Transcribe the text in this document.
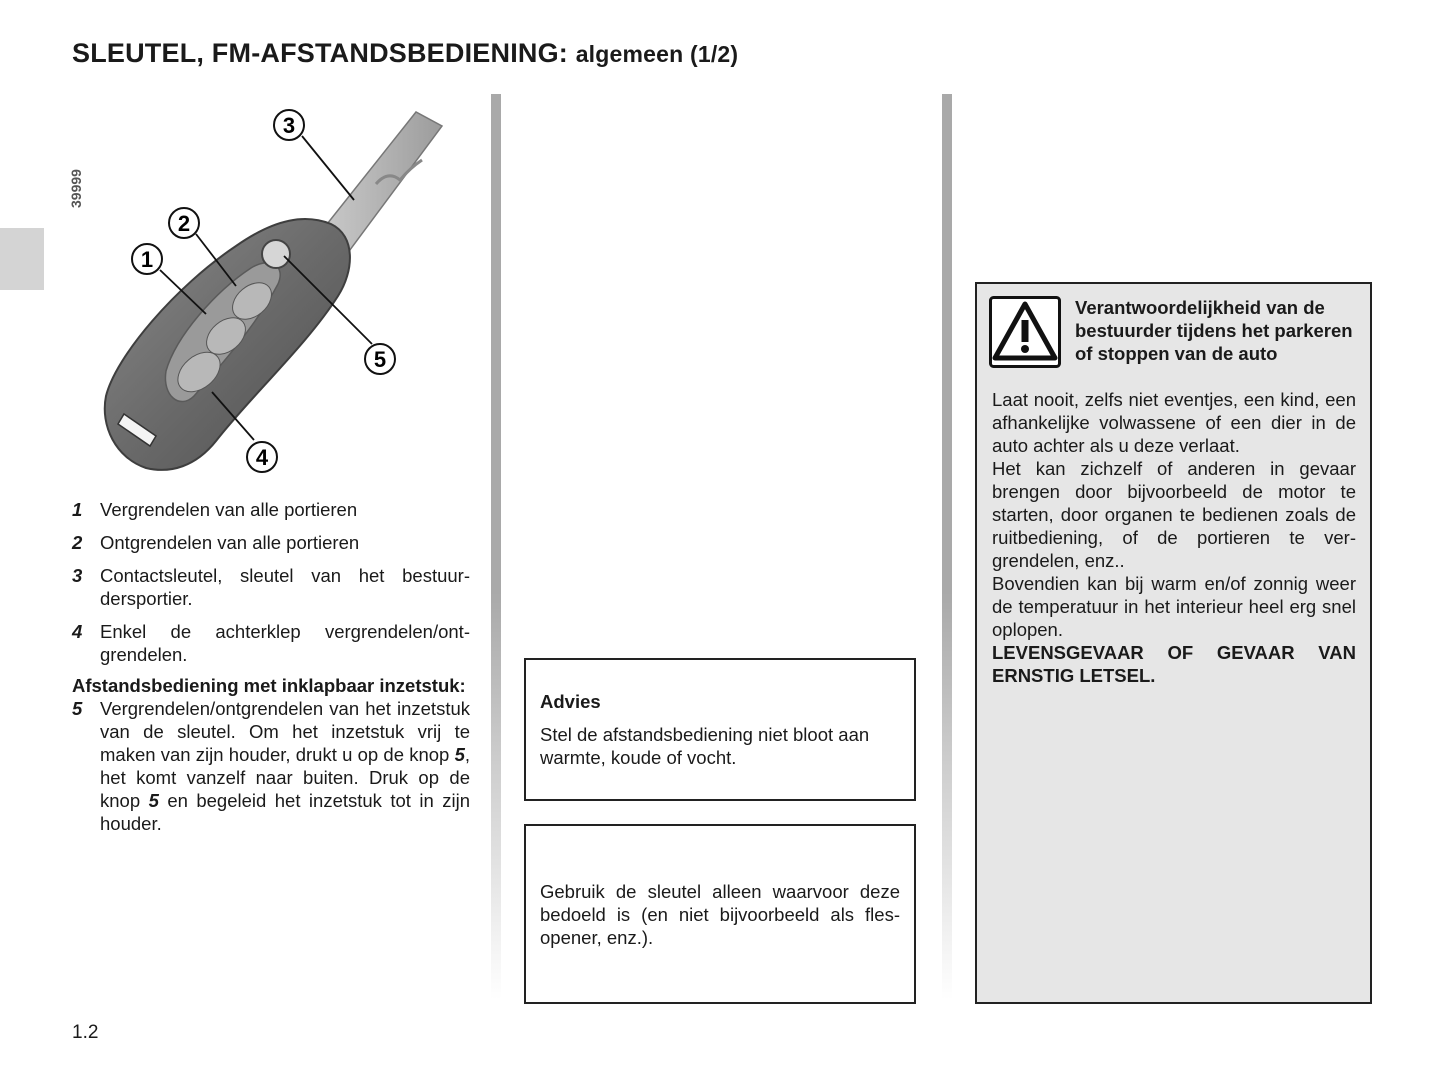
SLEUTEL, FM-AFSTANDSBEDIENING: algemeen (1/2)
39999
3
2
1
5
4
1 Vergrendelen van alle portieren
2 Ontgrendelen van alle portieren
3 Contactsleutel, sleutel van het bestuurdersportier.
4 Enkel de achterklep vergrendelen/ontgrendelen.
Afstandsbediening met inklapbaar inzetstuk:
5 Vergrendelen/ontgrendelen van het inzetstuk van de sleutel. Om het inzetstuk vrij te maken van zijn houder, drukt u op de knop 5, het komt vanzelf naar buiten. Druk op de knop 5 en begeleid het inzetstuk tot in zijn houder.
Advies
Stel de afstandsbediening niet bloot aan warmte, koude of vocht.
Gebruik de sleutel alleen waarvoor deze bedoeld is (en niet bijvoorbeeld als flesopener, enz.).
Verantwoordelijkheid van de bestuurder tijdens het parkeren of stoppen van de auto

Laat nooit, zelfs niet eventjes, een kind, een afhankelijke volwassene of een dier in de auto achter als u deze verlaat.

Het kan zichzelf of anderen in gevaar brengen door bijvoorbeeld de motor te starten, door organen te bedienen zoals de ruitbediening, of de portieren te vergrendelen, enz..

Bovendien kan bij warm en/of zonnig weer de temperatuur in het interieur heel erg snel oplopen.

LEVENSGEVAAR OF GEVAAR VAN ERNSTIG LETSEL.

1.2
